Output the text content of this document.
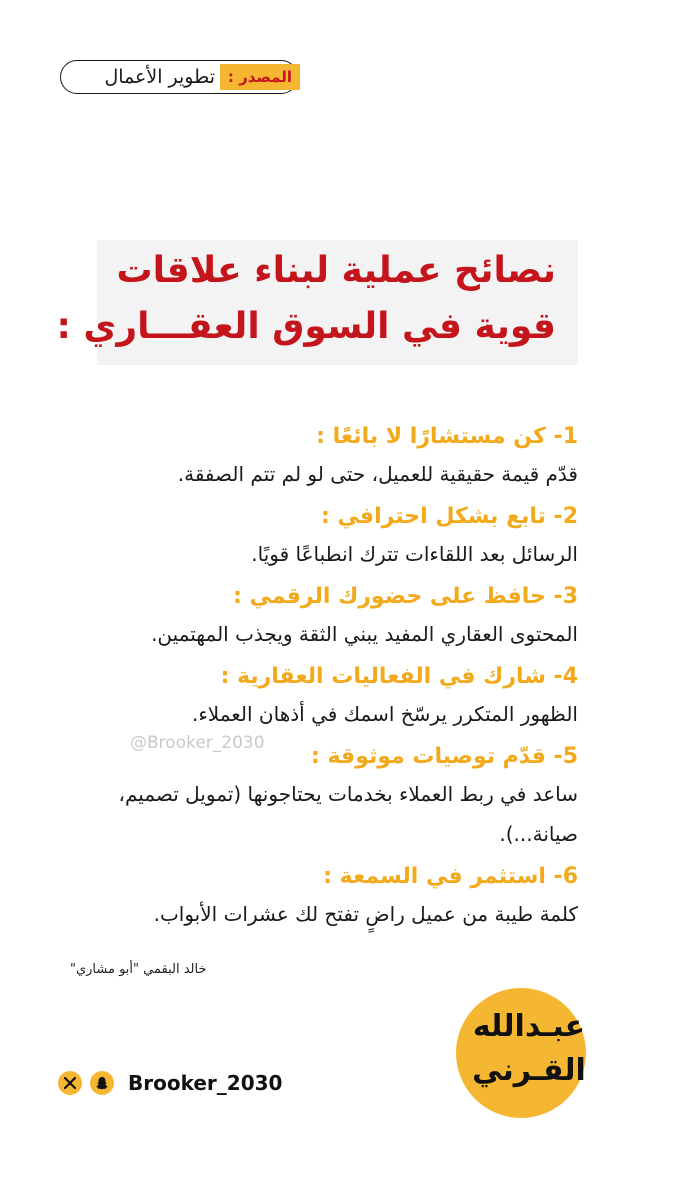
المصدر :
تطوير الأعمال
نصائح عملية لبناء علاقات
قوية في السوق العقـــاري :
1- كن مستشارًا لا بائعًا :
قدّم قيمة حقيقية للعميل، حتى لو لم تتم الصفقة.
2- تابع بشكل احترافي :
الرسائل بعد اللقاءات تترك انطباعًا قويًا.
3- حافظ على حضورك الرقمي :
المحتوى العقاري المفيد يبني الثقة ويجذب المهتمين.
4- شارك في الفعاليات العقارية :
الظهور المتكرر يرسّخ اسمك في أذهان العملاء.
5- قدّم توصيات موثوقة :
ساعد في ربط العملاء بخدمات يحتاجونها (تمويل تصميم، صيانة...).
6- استثمر في السمعة :
كلمة طيبة من عميل راضٍ تفتح لك عشرات الأبواب.
@Brooker_2030
خالد البقمي "أبو مشاري"
عبـدالله
القـرني
Brooker_2030
